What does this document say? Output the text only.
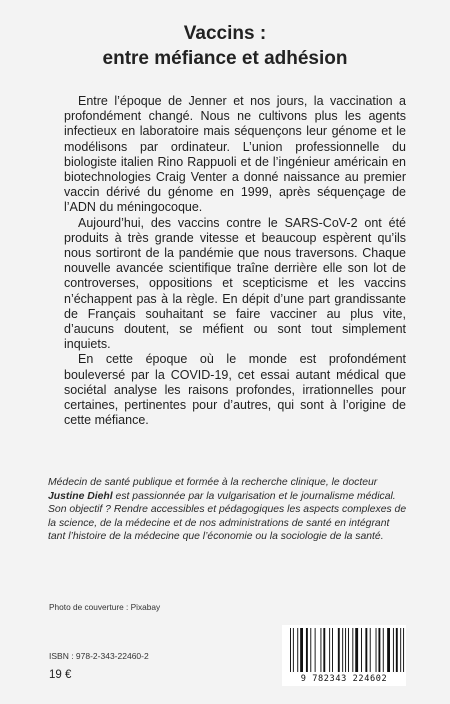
Vaccins :
entre méfiance et adhésion

Entre l’époque de Jenner et nos jours, la vaccination a profondément changé. Nous ne cultivons plus les agents infectieux en laboratoire mais séquençons leur génome et le modélisons par ordinateur. L’union professionnelle du biologiste italien Rino Rappuoli et de l’ingénieur américain en biotechnologies Craig Venter a donné naissance au premier vaccin dérivé du génome en 1999, après séquençage de l’ADN du méningocoque.

Aujourd’hui, des vaccins contre le SARS-CoV-2 ont été produits à très grande vitesse et beaucoup espèrent qu’ils nous sortiront de la pandémie que nous traversons. Chaque nouvelle avancée scientifique traîne derrière elle son lot de controverses, oppositions et scepticisme et les vaccins n’échappent pas à la règle. En dépit d’une part grandissante de Français souhaitant se faire vacciner au plus vite, d’aucuns doutent, se méfient ou sont tout simplement inquiets.

En cette époque où le monde est profondément bouleversé par la COVID-19, cet essai autant médical que sociétal analyse les raisons profondes, irrationnelles pour certaines, pertinentes pour d’autres, qui sont à l’origine de cette méfiance.

Médecin de santé publique et formée à la recherche clinique, le docteur Justine Diehl est passionnée par la vulgarisation et le journalisme médical. Son objectif ? Rendre accessibles et pédagogiques les aspects complexes de la science, de la médecine et de nos administrations de santé en intégrant tant l’histoire de la médecine que l’économie ou la sociologie de la santé.
Photo de couverture : Pixabay
ISBN : 978-2-343-22460-2
19 €	9 782343 224602
